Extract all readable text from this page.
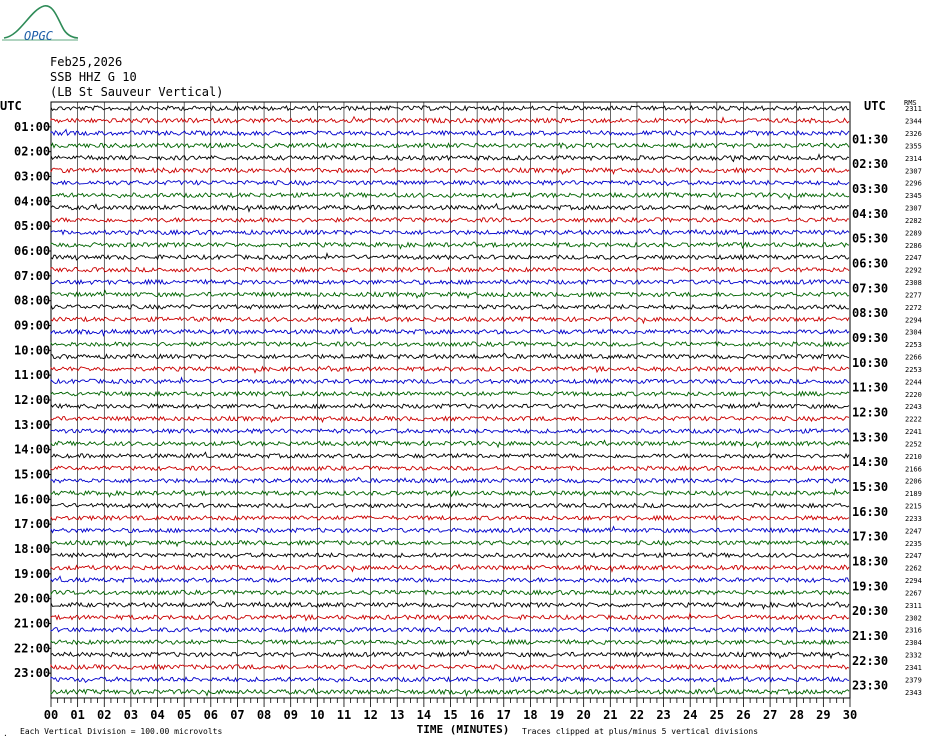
OPGC
Feb25,2026
SSB HHZ G 10
(LB St Sauveur Vertical)
UTC
01:00
02:00
03:00
04:00
05:00
06:00
07:00
08:00
09:00
10:00
11:00
12:00
13:00
14:00
15:00
16:00
17:00
18:00
19:00
20:00
21:00
22:00
23:00
UTC
01:30
02:30
03:30
04:30
05:30
06:30
07:30
08:30
09:30
10:30
11:30
12:30
13:30
14:30
15:30
16:30
17:30
18:30
19:30
20:30
21:30
22:30
23:30
RMS
2311
2344
2326
2355
2314
2307
2296
2345
2307
2282
2289
2286
2247
2292
2308
2277
2272
2294
2304
2253
2266
2253
2244
2220
2243
2222
2241
2252
2210
2166
2206
2189
2215
2233
2247
2235
2247
2262
2294
2267
2311
2302
2316
2304
2332
2341
2379
2343
00 01 02 03 04 05 06 07 08 09 10 11 12 13 14 15 16 17 18 19 20 21 22 23 24 25 26 27 28 29 30
TIME (MINUTES)
Each Vertical Division = 100.00 microvolts	Traces clipped at plus/minus 5 vertical divisions
.
